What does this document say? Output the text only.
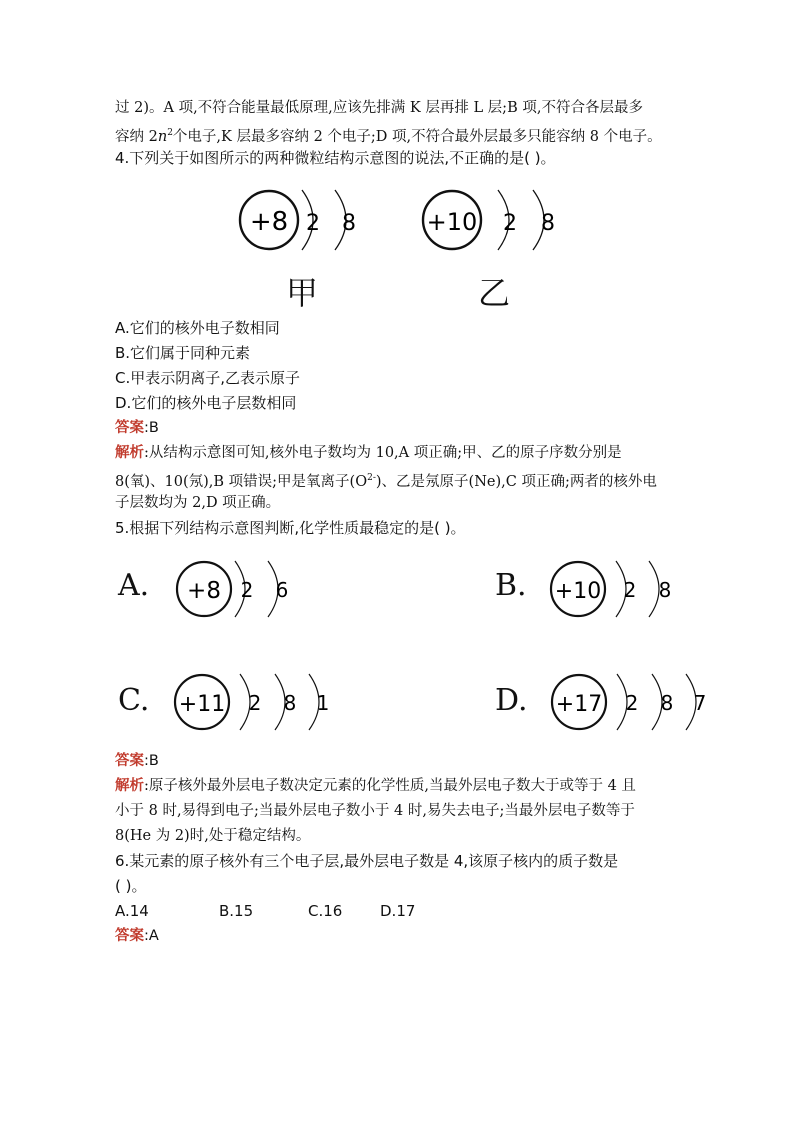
过 2)。A 项,不符合能量最低原理,应该先排满 K 层再排 L 层;B 项,不符合各层最多
容纳 $2n^2$个电子,K 层最多容纳 2 个电子;D 项,不符合最外层最多只能容纳 8 个电子。
4.下列关于如图所示的两种微粒结构示意图的说法,不正确的是( )。
+8 2 8	+10 2 8
甲	乙
A.它们的核外电子数相同
B.它们属于同种元素
C.甲表示阴离子,乙表示原子
D.它们的核外电子层数相同
答案:B
解析:从结构示意图可知,核外电子数均为 10,A 项正确;甲、乙的原子序数分别是
8(氧)、10(氖),B 项错误;甲是氧离子$(O^{2-})$、乙是氖原子(Ne),C 项正确;两者的核外电
子层数均为 2,D 项正确。
5.根据下列结构示意图判断,化学性质最稳定的是( )。
A. +8 2 6	B. +10 2 8
C. +11 2 8 1	D. +17 2 8 7
答案:B
解析:原子核外最外层电子数决定元素的化学性质,当最外层电子数大于或等于 4 且
小于 8 时,易得到电子;当最外层电子数小于 4 时,易失去电子;当最外层电子数等于
8(He 为 2)时,处于稳定结构。
6.某元素的原子核外有三个电子层,最外层电子数是 4,该原子核内的质子数是
( )。
A.14	B.15	C.16	D.17
答案:A
